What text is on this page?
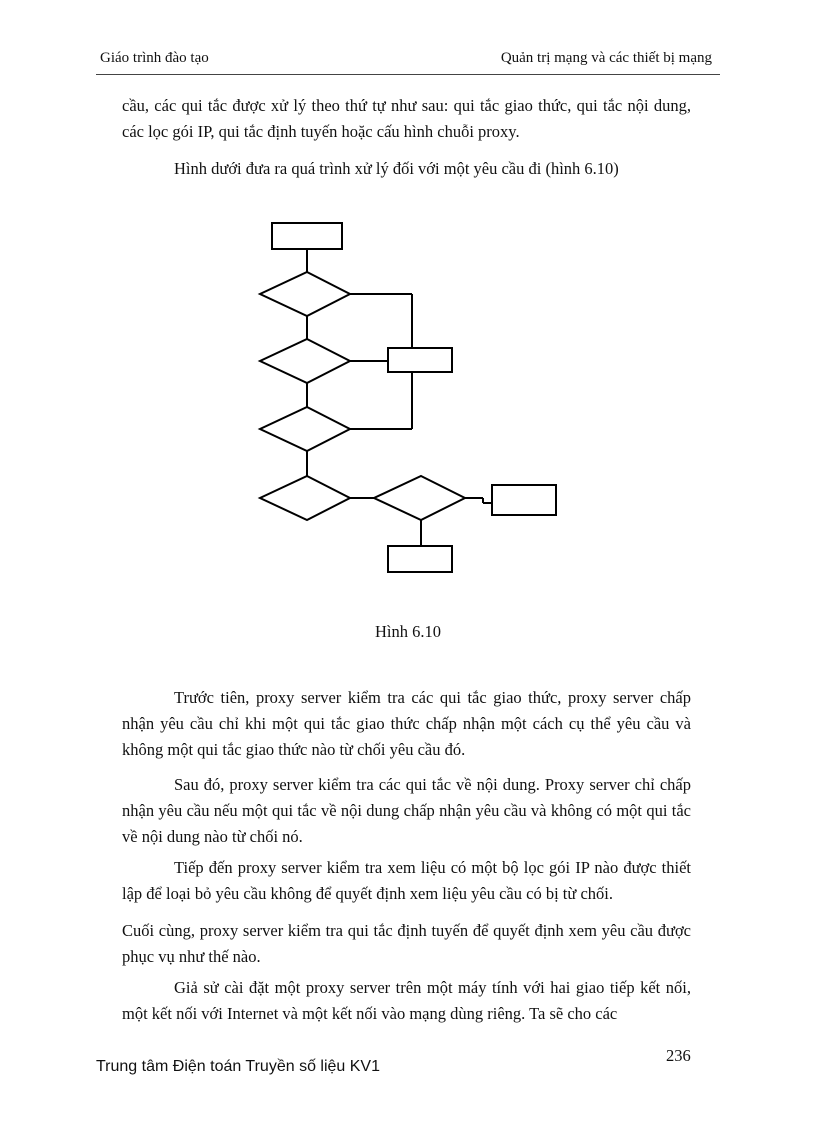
Giáo trình đào tạo	Quản trị mạng và các thiết bị mạng

cầu, các qui tắc được xử lý theo thứ tự như sau: qui tắc giao thức, qui tắc nội dung, các lọc gói IP, qui tắc định tuyến hoặc cấu hình chuỗi proxy.

Hình dưới đưa ra quá trình xử lý đối với một yêu cầu đi (hình 6.10)

Hình 6.10

Trước tiên, proxy server kiểm tra các qui tắc giao thức, proxy server chấp nhận yêu cầu chỉ khi một qui tắc giao thức chấp nhận một cách cụ thể yêu cầu và không một qui tắc giao thức nào từ chối yêu cầu đó.

Sau đó, proxy server kiểm tra các qui tắc về nội dung. Proxy server chỉ chấp nhận yêu cầu nếu một qui tắc về nội dung chấp nhận yêu cầu và không có một qui tắc về nội dung nào từ chối nó.

Tiếp đến proxy server kiểm tra xem liệu có một bộ lọc gói IP nào được thiết lập để loại bỏ yêu cầu không để quyết định xem liệu yêu cầu có bị từ chối.

Cuối cùng, proxy server kiểm tra qui tắc định tuyến để quyết định xem yêu cầu được phục vụ như thế nào.

Giả sử cài đặt một proxy server trên một máy tính với hai giao tiếp kết nối, một kết nối với Internet và một kết nối vào mạng dùng riêng. Ta sẽ cho các

Trung tâm Điện toán Truyền số liệu KV1
236
